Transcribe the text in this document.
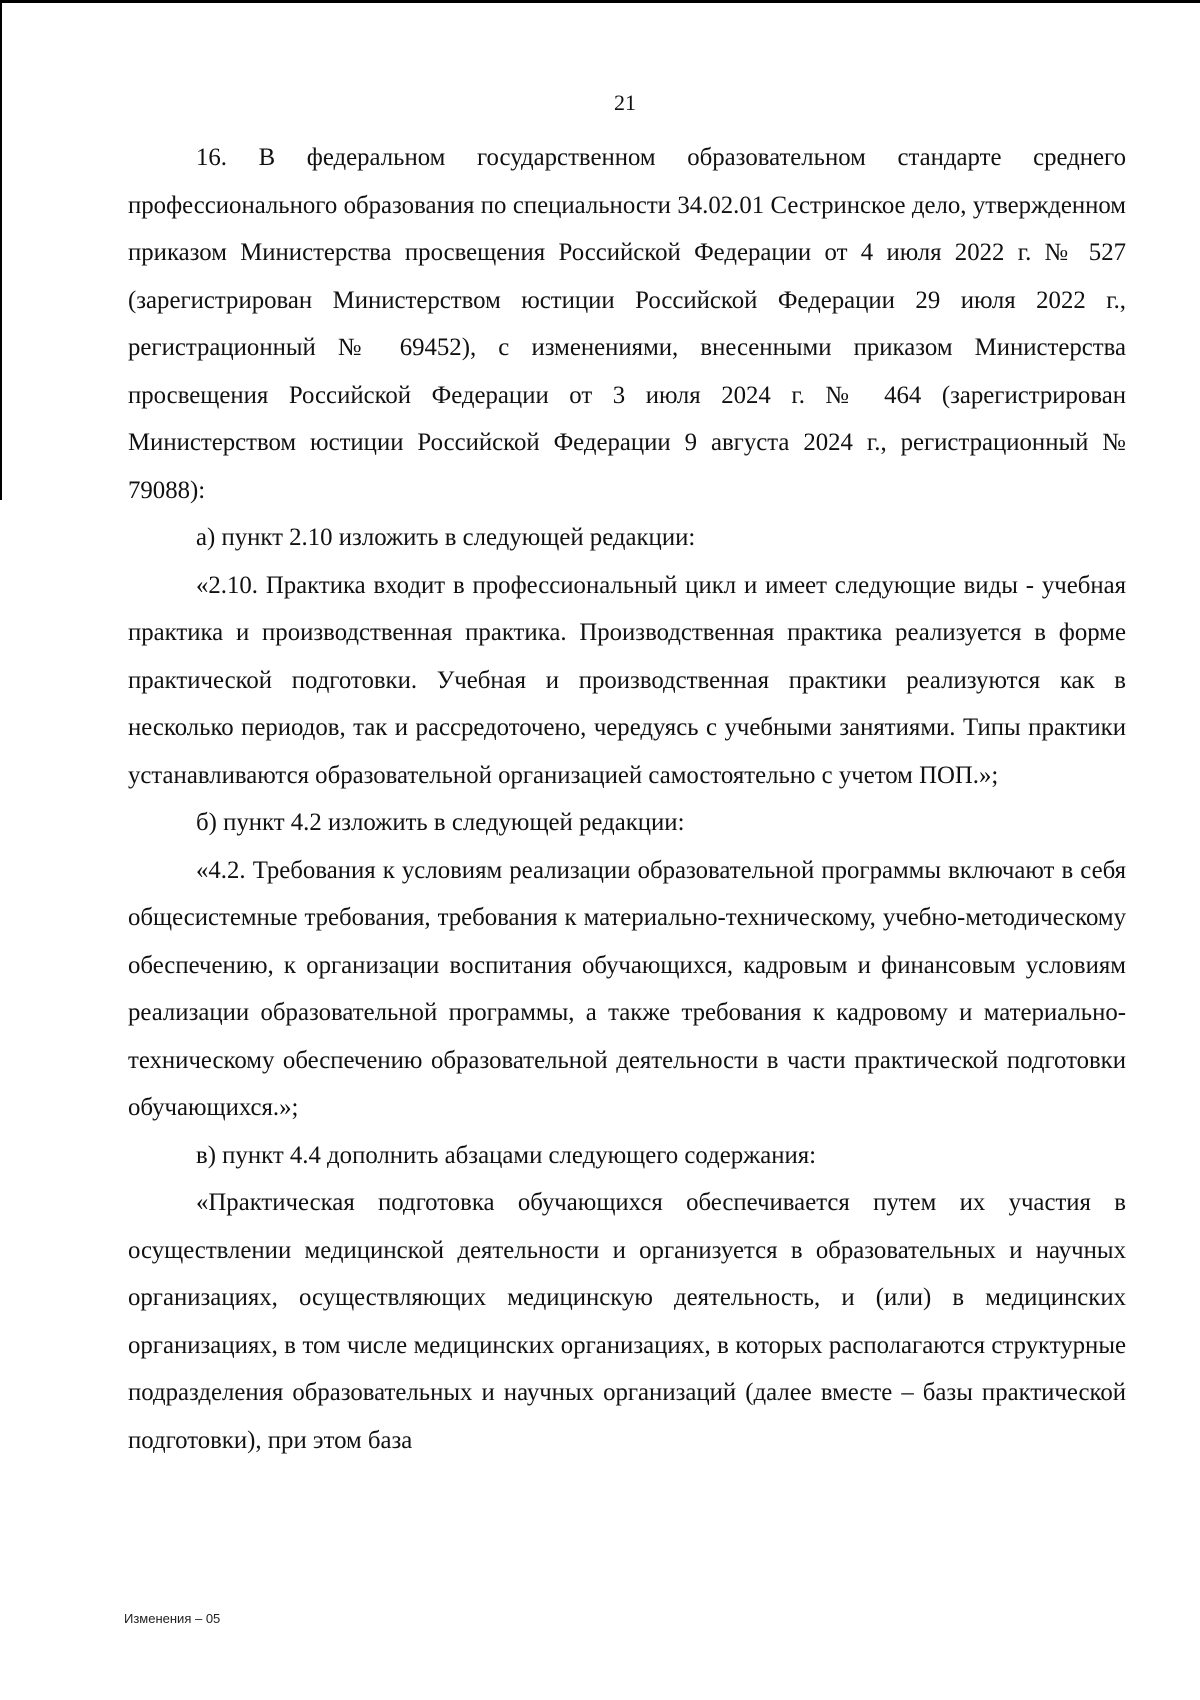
21

16. В федеральном государственном образовательном стандарте среднего профессионального образования по специальности 34.02.01 Сестринское дело, утвержденном приказом Министерства просвещения Российской Федерации от 4 июля 2022 г. № 527 (зарегистрирован Министерством юстиции Российской Федерации 29 июля 2022 г., регистрационный № 69452), с изменениями, внесенными приказом Министерства просвещения Российской Федерации от 3 июля 2024 г. № 464 (зарегистрирован Министерством юстиции Российской Федерации 9 августа 2024 г., регистрационный № 79088):

а) пункт 2.10 изложить в следующей редакции:

«2.10. Практика входит в профессиональный цикл и имеет следующие виды - учебная практика и производственная практика. Производственная практика реализуется в форме практической подготовки. Учебная и производственная практики реализуются как в несколько периодов, так и рассредоточено, чередуясь с учебными занятиями. Типы практики устанавливаются образовательной организацией самостоятельно с учетом ПОП.»;

б) пункт 4.2 изложить в следующей редакции:

«4.2. Требования к условиям реализации образовательной программы включают в себя общесистемные требования, требования к материально-техническому, учебно-методическому обеспечению, к организации воспитания обучающихся, кадровым и финансовым условиям реализации образовательной программы, а также требования к кадровому и материально-техническому обеспечению образовательной деятельности в части практической подготовки обучающихся.»;

в) пункт 4.4 дополнить абзацами следующего содержания:

«Практическая подготовка обучающихся обеспечивается путем их участия в осуществлении медицинской деятельности и организуется в образовательных и научных организациях, осуществляющих медицинскую деятельность, и (или) в медицинских организациях, в том числе медицинских организациях, в которых располагаются структурные подразделения образовательных и научных организаций (далее вместе – базы практической подготовки), при этом база

Изменения – 05
